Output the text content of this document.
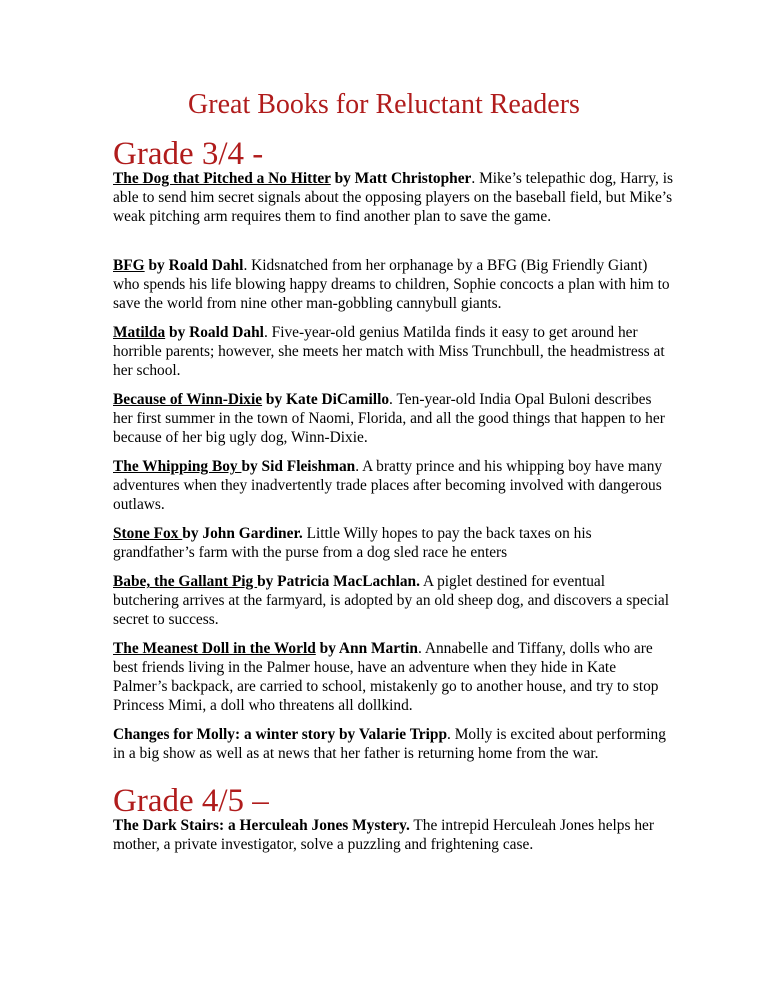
Great Books for Reluctant Readers
Grade 3/4 -

The Dog that Pitched a No Hitter by Matt Christopher. Mike’s telepathic dog, Harry, is able to send him secret signals about the opposing players on the baseball field, but Mike’s weak pitching arm requires them to find another plan to save the game.

BFG by Roald Dahl. Kidsnatched from her orphanage by a BFG (Big Friendly Giant) who spends his life blowing happy dreams to children, Sophie concocts a plan with him to save the world from nine other man-gobbling cannybull giants.

Matilda by Roald Dahl. Five-year-old genius Matilda finds it easy to get around her horrible parents; however, she meets her match with Miss Trunchbull, the headmistress at her school.

Because of Winn-Dixie by Kate DiCamillo. Ten-year-old India Opal Buloni describes her first summer in the town of Naomi, Florida, and all the good things that happen to her because of her big ugly dog, Winn-Dixie.

The Whipping Boy by Sid Fleishman. A bratty prince and his whipping boy have many adventures when they inadvertently trade places after becoming involved with dangerous outlaws.

Stone Fox by John Gardiner. Little Willy hopes to pay the back taxes on his grandfather’s farm with the purse from a dog sled race he enters

Babe, the Gallant Pig by Patricia MacLachlan. A piglet destined for eventual butchering arrives at the farmyard, is adopted by an old sheep dog, and discovers a special secret to success.

The Meanest Doll in the World by Ann Martin. Annabelle and Tiffany, dolls who are best friends living in the Palmer house, have an adventure when they hide in Kate Palmer’s backpack, are carried to school, mistakenly go to another house, and try to stop Princess Mimi, a doll who threatens all dollkind.

Changes for Molly: a winter story by Valarie Tripp. Molly is excited about performing in a big show as well as at news that her father is returning home from the war.

Grade 4/5 –

The Dark Stairs: a Herculeah Jones Mystery. The intrepid Herculeah Jones helps her mother, a private investigator, solve a puzzling and frightening case.
